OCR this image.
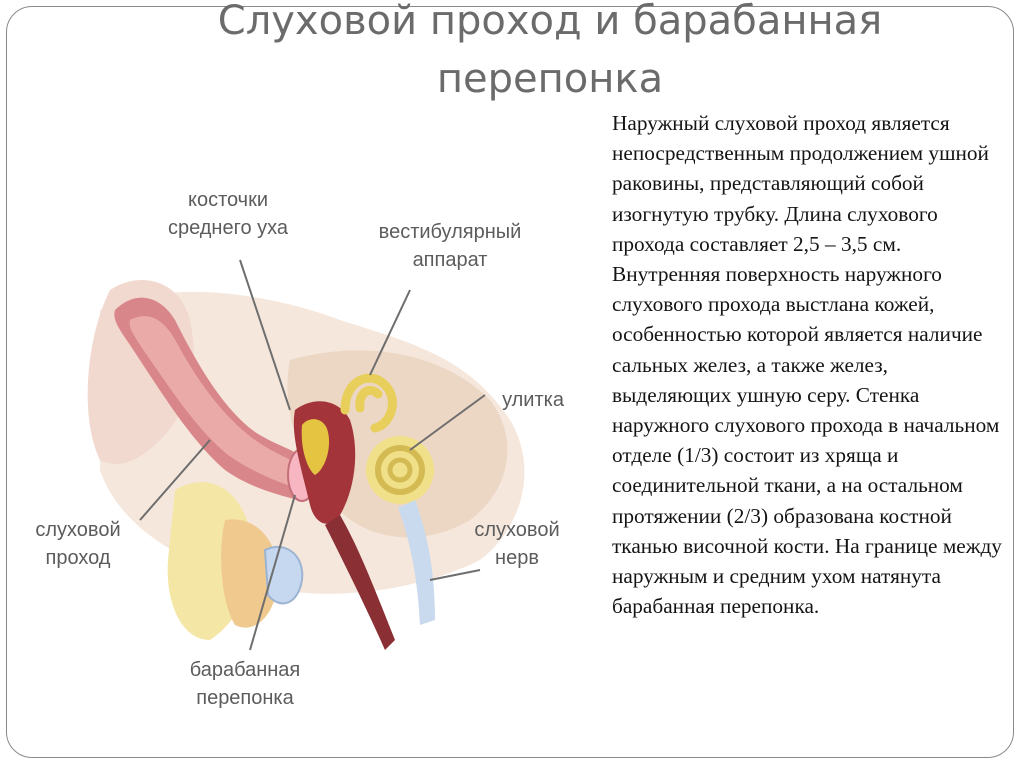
Слуховой проход и барабанная
перепонка

Наружный слуховой проход является непосредственным продолжением ушной раковины, представляющий собой изогнутую трубку. Длина слухового прохода составляет 2,5 – 3,5 см. Внутренняя поверхность наружного слухового прохода выстлана кожей, особенностью которой является наличие сальных желез, а также желез, выделяющих ушную серу. Стенка наружного слухового прохода в начальном отделе (1/3) состоит из хряща и соединительной ткани, а на остальном протяжении (2/3) образована костной тканью височной кости. На границе между наружным и средним ухом натянута барабанная перепонка.

косточки
среднего уха	вестибулярный
аппарат
улитка
слуховой
проход
слуховой
нерв
барабанная
перепонка
